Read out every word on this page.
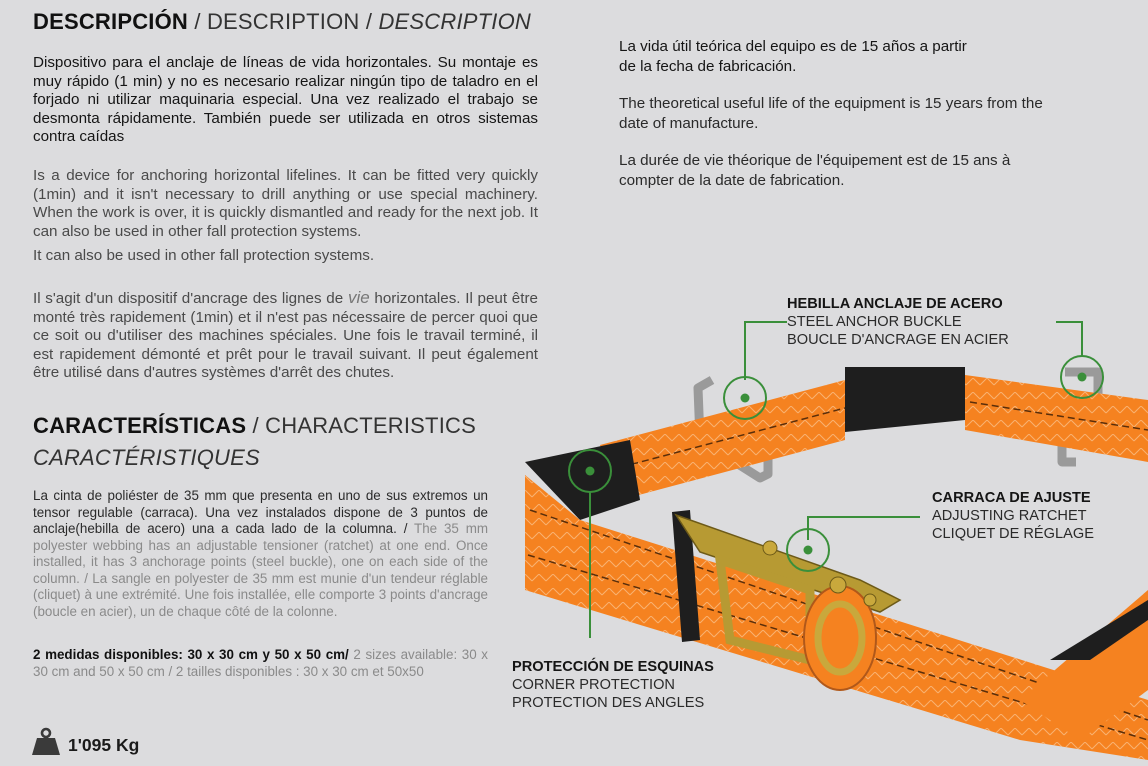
DESCRIPCIÓN / DESCRIPTION / DESCRIPTION
Dispositivo para el anclaje de líneas de vida horizontales. Su montaje es muy rápido (1 min) y no es necesario realizar ningún tipo de taladro en el forjado ni utilizar maquinaria especial. Una vez realizado el trabajo se desmonta rápidamente. También puede ser utilizada en otros sistemas contra caídas
Is a device for anchoring horizontal lifelines. It can be fitted very quickly (1min) and it isn't necessary to drill anything or use special machinery. When the work is over, it is quickly dismantled and ready for the next job. It can also be used in other fall protection systems.
It can also be used in other fall protection systems.
Il s'agit d'un dispositif d'ancrage des lignes de vie horizontales. Il peut être monté très rapidement (1min) et il n'est pas nécessaire de percer quoi que ce soit ou d'utiliser des machines spéciales. Une fois le travail terminé, il est rapidement démonté et prêt pour le travail suivant. Il peut également être utilisé dans d'autres systèmes d'arrêt des chutes.
CARACTERÍSTICAS / CHARACTERISTICS
CARACTÉRISTIQUES
La cinta de poliéster de 35 mm que presenta en uno de sus extremos un tensor regulable (carraca). Una vez instalados dispone de 3 puntos de anclaje(hebilla de acero) una a cada lado de la columna. / The 35 mm polyester webbing has an adjustable tensioner (ratchet) at one end. Once installed, it has 3 anchorage points (steel buckle), one on each side of the column. / La sangle en polyester de 35 mm est munie d'un tendeur réglable (cliquet) à une extrémité. Une fois installée, elle comporte 3 points d'ancrage (boucle en acier), un de chaque côté de la colonne.
2 medidas disponibles: 30 x 30 cm y 50 x 50 cm/ 2 sizes available: 30 x 30 cm and 50 x 50 cm / 2 tailles disponibles : 30 x 30 cm et 50x50
1'095 Kg
La vida útil teórica del equipo es de 15 años a partir de la fecha de fabricación.
The theoretical useful life of the equipment is 15 years from the date of manufacture.
La durée de vie théorique de l'équipement est de 15 ans à compter de la date de fabrication.
HEBILLA ANCLAJE DE ACERO
STEEL ANCHOR BUCKLE
BOUCLE D'ANCRAGE EN ACIER
CARRACA DE AJUSTE
ADJUSTING RATCHET
CLIQUET DE RÉGLAGE
PROTECCIÓN DE ESQUINAS
CORNER PROTECTION
PROTECTION DES ANGLES
